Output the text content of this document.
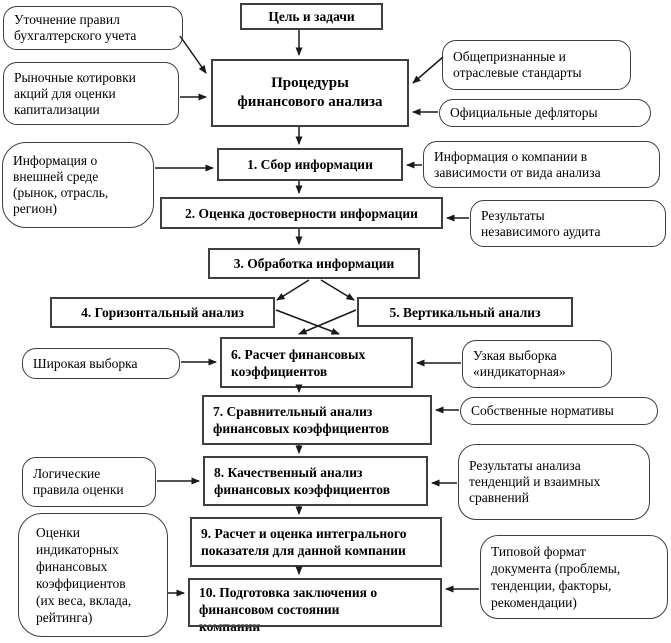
Цель и задачи
Процедуры
финансового анализа
Уточнение правил
бухгалтерского учета
Рыночные котировки
акций для оценки
капитализации
Общепризнанные и
отраслевые стандарты
Официальные дефляторы
Информация о
внешней среде
(рынок, отрасль,
регион)
1. Сбор информации
Информация о компании в
зависимости от вида анализа
2. Оценка достоверности информации	Результаты
независимого аудита
3. Обработка информации
4. Горизонтальный анализ	5. Вертикальный анализ
Широкая выборка
6. Расчет финансовых
коэффициентов
Узкая выборка
«индикаторная»
7. Сравнительный анализ
финансовых коэффициентов
Собственные нормативы
Логические
правила оценки
8. Качественный анализ
финансовых коэффициентов
Результаты анализа
тенденций и взаимных
сравнений
9. Расчет и оценка интегрального
показателя для данной компании
Оценки
индикаторных
финансовых
коэффициентов
(их веса, вклада,
рейтинга)
10. Подготовка заключения о
финансовом состоянии

Типовой формат
документа (проблемы,
тенденции, факторы,
рекомендации)
